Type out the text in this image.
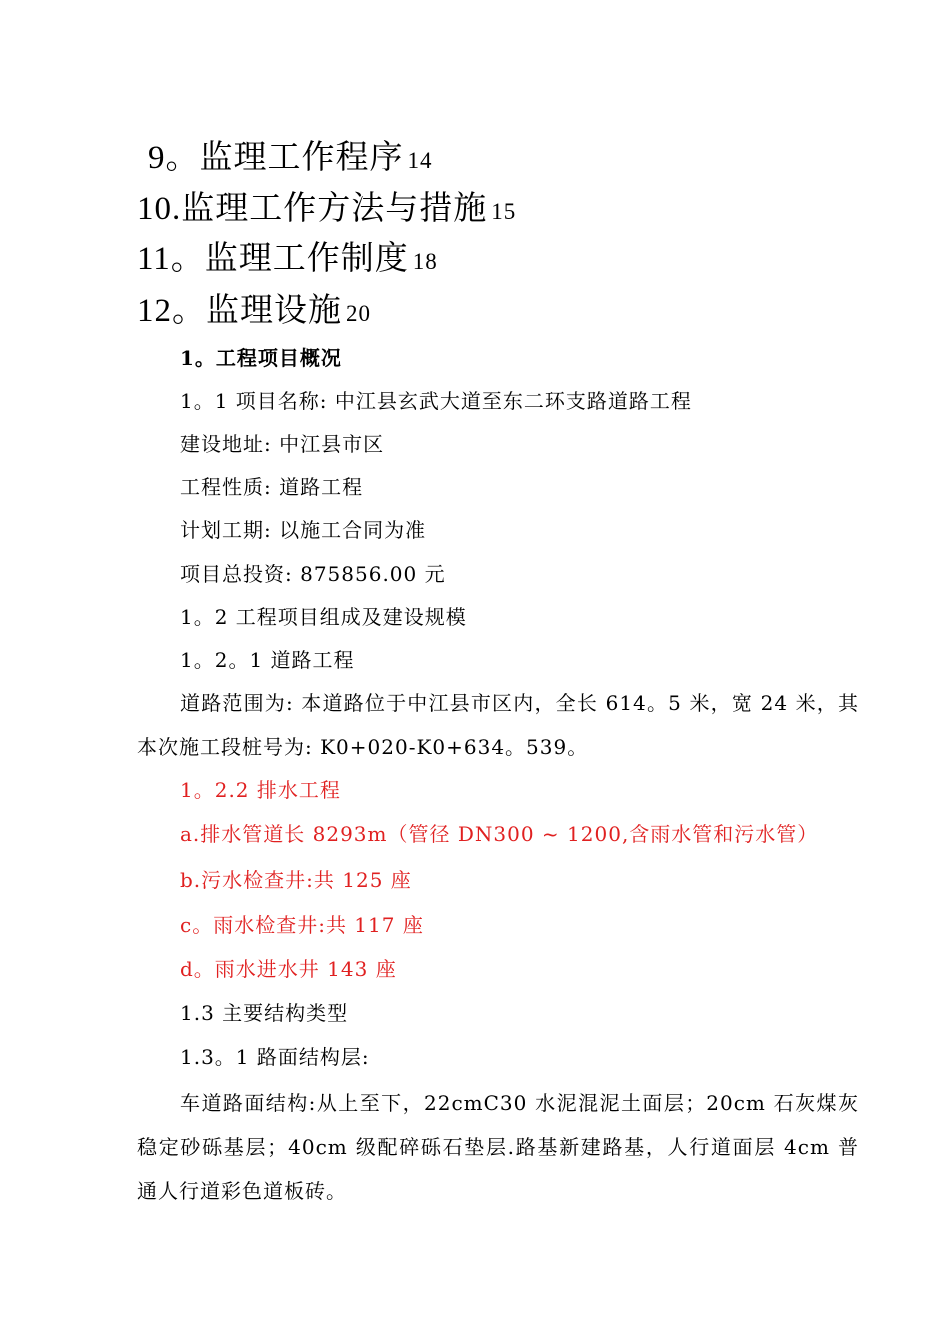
9。监理工作程序 14
10.监理工作方法与措施 15
11。监理工作制度 18
12。监理设施 20
1。工程项目概况
1。1 项目名称: 中江县玄武大道至东二环支路道路工程
建设地址: 中江县市区
工程性质: 道路工程
计划工期: 以施工合同为准
项目总投资: 875856.00 元
1。2 工程项目组成及建设规模
1。2。1 道路工程

道路范围为: 本道路位于中江县市区内，全长 614。5 米，宽 24 米，其本次施工段桩号为: K0+020-K0+634。539。

1。2.2 排水工程
a.排水管道长 8293m（管径 DN300 ~ 1200,含雨水管和污水管）
b.污水检查井:共 125 座
c。雨水检查井:共 117 座
d。雨水进水井 143 座
1.3 主要结构类型
1.3。1 路面结构层:

车道路面结构:从上至下，22cmC30 水泥混泥土面层；20cm 石灰煤灰稳定砂砾基层；40cm 级配碎砾石垫层.路基新建路基，人行道面层 4cm 普通人行道彩色道板砖。
